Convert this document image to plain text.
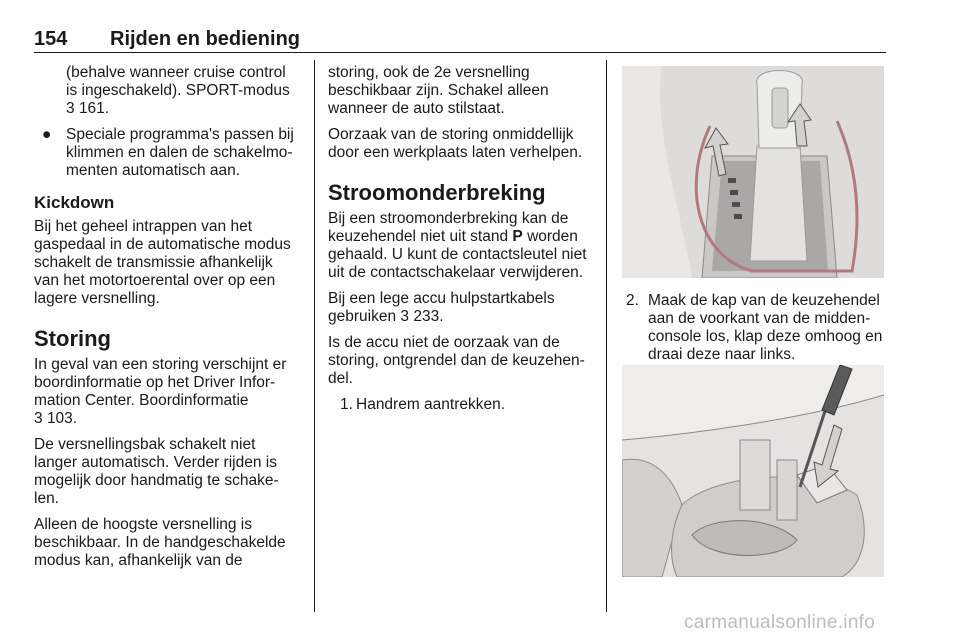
154 Rijden en bediening

(behalve wanneer cruise control is ingeschakeld). SPORT-modus 3 161.

● Speciale programma's passen bij klimmen en dalen de schakelmo-menten automatisch aan.
Kickdown

Bij het geheel intrappen van het gaspedaal in de automatische modus schakelt de transmissie afhankelijk van het motortoerental over op een lagere versnelling.

Storing

In geval van een storing verschijnt er boordinformatie op het Driver Infor-mation Center. Boordinformatie
3 103.

De versnellingsbak schakelt niet langer automatisch. Verder rijden is mogelijk door handmatig te schake-len.

Alleen de hoogste versnelling is beschikbaar. In de handgeschakelde modus kan, afhankelijk van de

storing, ook de 2e versnelling beschikbaar zijn. Schakel alleen wanneer de auto stilstaat.

Oorzaak van de storing onmiddellijk door een werkplaats laten verhelpen.

Stroomonderbreking

Bij een stroomonderbreking kan de keuzehendel niet uit stand P worden gehaald. U kunt de contactsleutel niet uit de contactschakelaar verwijderen.

Bij een lege accu hulpstartkabels gebruiken 3 233.

Is de accu niet de oorzaak van de storing, ontgrendel dan de keuzehen-del.

1. Handrem aantrekken.
2. Maak de kap van de keuzehendel aan de voorkant van de midden-console los, klap deze omhoog en draai deze naar links.
carmanualsonline.info
